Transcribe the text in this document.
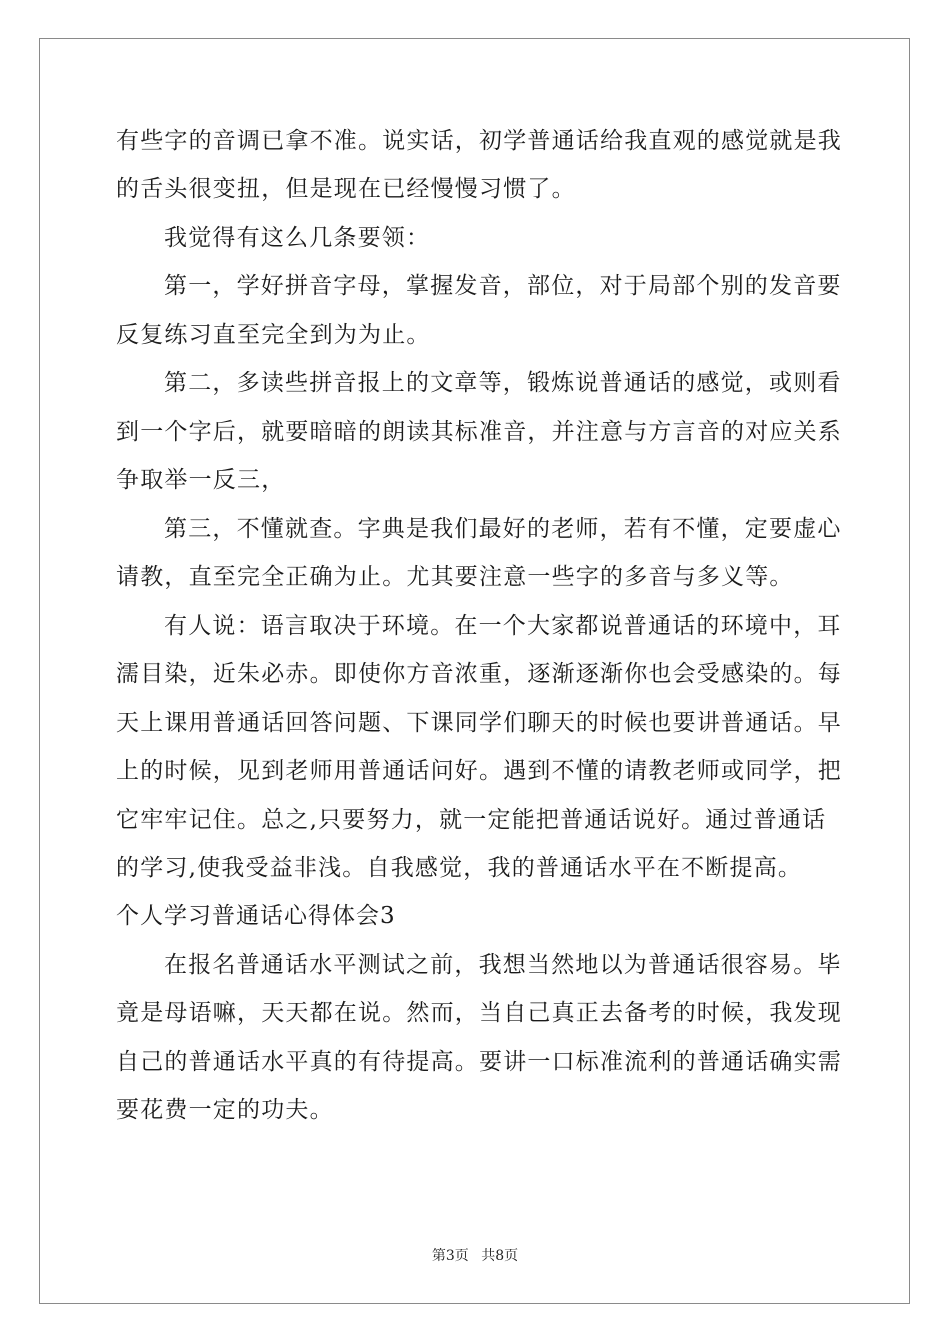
有些字的音调已拿不准。说实话，初学普通话给我直观的感觉就是我
的舌头很变扭，但是现在已经慢慢习惯了。
我觉得有这么几条要领：
第一，学好拼音字母，掌握发音，部位，对于局部个别的发音要
反复练习直至完全到为为止。
第二，多读些拼音报上的文章等，锻炼说普通话的感觉，或则看
到一个字后，就要暗暗的朗读其标准音，并注意与方言音的对应关系
争取举一反三，
第三，不懂就查。字典是我们最好的老师，若有不懂，定要虚心
请教，直至完全正确为止。尤其要注意一些字的多音与多义等。
有人说：语言取决于环境。在一个大家都说普通话的环境中，耳
濡目染，近朱必赤。即使你方音浓重，逐渐逐渐你也会受感染的。每
天上课用普通话回答问题、下课同学们聊天的时候也要讲普通话。早
上的时候，见到老师用普通话问好。遇到不懂的请教老师或同学，把
它牢牢记住。总之,只要努力，就一定能把普通话说好。通过普通话
的学习,使我受益非浅。自我感觉，我的普通话水平在不断提高。
个人学习普通话心得体会3
在报名普通话水平测试之前，我想当然地以为普通话很容易。毕
竟是母语嘛，天天都在说。然而，当自己真正去备考的时候，我发现
自己的普通话水平真的有待提高。要讲一口标准流利的普通话确实需
要花费一定的功夫。
第3页 共8页
